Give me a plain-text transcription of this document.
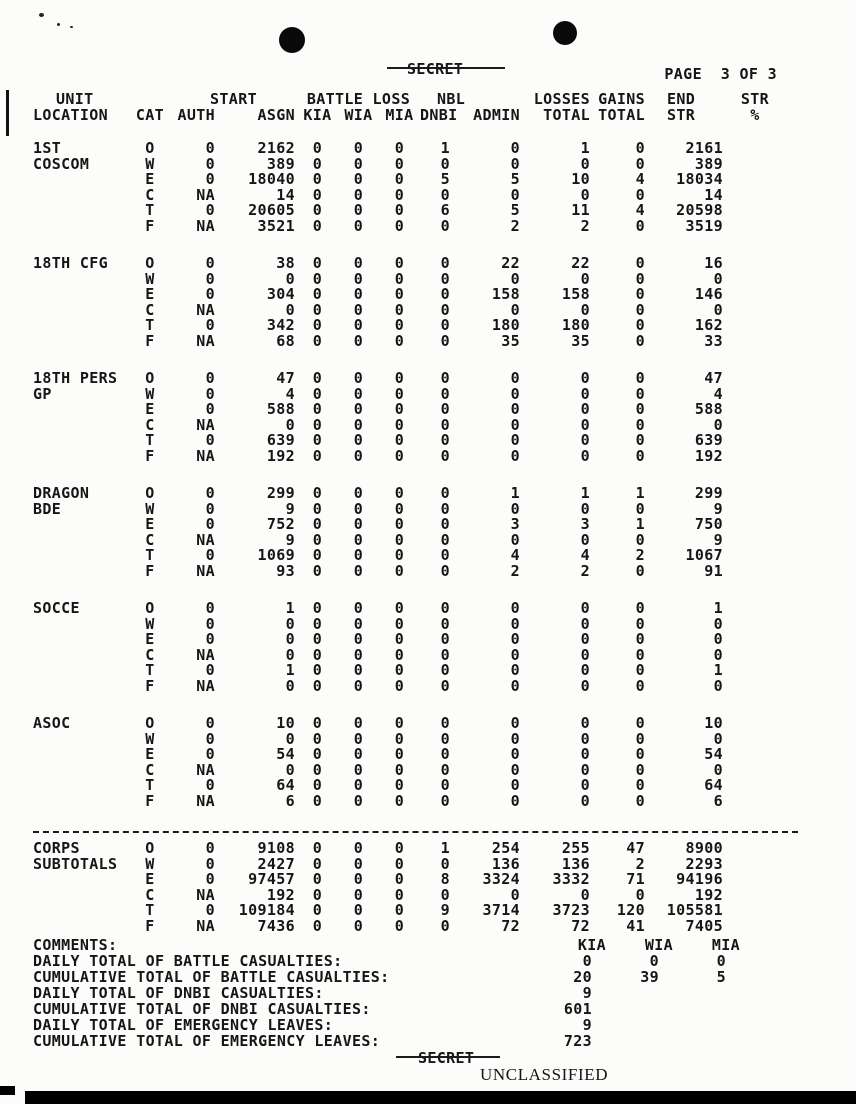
SECRET	PAGE  3 OF 3
UNIT	START	BATTLE LOSS	NBL	LOSSES GAINS	END	STR
LOCATION	CAT AUTH	ASGN KIA WIA MIA DNBI	ADMIN	TOTAL TOTAL	STR	%
1ST	O	0	2162	0	0	0	1	0	1	0	2161
COSCOM	W	0	389	0	0	0	0	0	0	0	389
E	0	18040	0	0	0	5	5	10	4	18034
C	NA	14	0	0	0	0	0	0	0	14
T	0	20605	0	0	0	6	5	11	4	20598
F	NA	3521	0	0	0	0	2	2	0	3519
18TH CFG	O	0	38	0	0	0	0	22	22	0	16
W	0	0	0	0	0	0	0	0	0	0
E	0	304	0	0	0	0	158	158	0	146
C	NA	0	0	0	0	0	0	0	0	0
T	0	342	0	0	0	0	180	180	0	162
F	NA	68	0	0	0	0	35	35	0	33
18TH PERS	O	0	47	0	0	0	0	0	0	0	47
GP	W	0	4	0	0	0	0	0	0	0	4
E	0	588	0	0	0	0	0	0	0	588
C	NA	0	0	0	0	0	0	0	0	0
T	0	639	0	0	0	0	0	0	0	639
F	NA	192	0	0	0	0	0	0	0	192
DRAGON	O	0	299	0	0	0	0	1	1	1	299
BDE	W	0	9	0	0	0	0	0	0	0	9
E	0	752	0	0	0	0	3	3	1	750
C	NA	9	0	0	0	0	0	0	0	9
T	0	1069	0	0	0	0	4	4	2	1067
F	NA	93	0	0	0	0	2	2	0	91
SOCCE	O	0	1	0	0	0	0	0	0	0	1
W	0	0	0	0	0	0	0	0	0	0
E	0	0	0	0	0	0	0	0	0	0
C	NA	0	0	0	0	0	0	0	0	0
T	0	1	0	0	0	0	0	0	0	1
F	NA	0	0	0	0	0	0	0	0	0
ASOC	O	0	10	0	0	0	0	0	0	0	10
W	0	0	0	0	0	0	0	0	0	0
E	0	54	0	0	0	0	0	0	0	54
C	NA	0	0	0	0	0	0	0	0	0
T	0	64	0	0	0	0	0	0	0	64
F	NA	6	0	0	0	0	0	0	0	6
CORPS	O	0	9108	0	0	0	1	254	255	47	8900
SUBTOTALS	W	0	2427	0	0	0	0	136	136	2	2293
E	0	97457	0	0	0	8	3324	3332	71	94196
C	NA	192	0	0	0	0	0	0	0	192
T	0	109184	0	0	0	9	3714	3723	120	105581
F	NA	7436	0	0	0	0	72	72	41	7405
COMMENTS:	KIA	WIA	MIA
DAILY TOTAL OF BATTLE CASUALTIES:	0	0	0
CUMULATIVE TOTAL OF BATTLE CASUALTIES:	20	39	5
DAILY TOTAL OF DNBI CASUALTIES:	9
CUMULATIVE TOTAL OF DNBI CASUALTIES:	601
DAILY TOTAL OF EMERGENCY LEAVES:	9
CUMULATIVE TOTAL OF EMERGENCY LEAVES:	723
SECRET
UNCLASSIFIED
